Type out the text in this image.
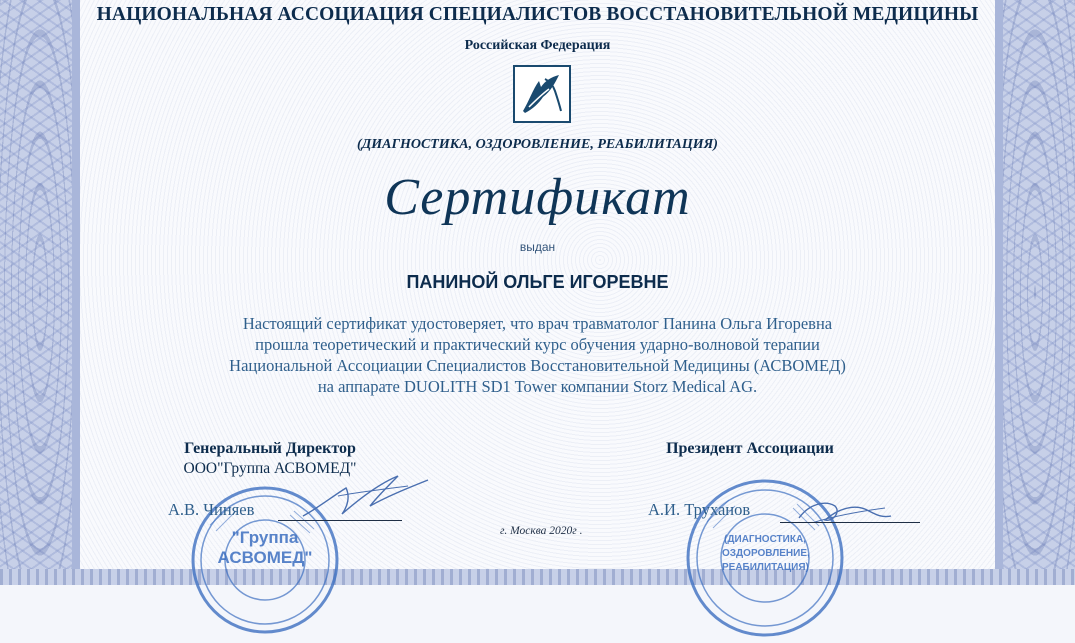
НАЦИОНАЛЬНАЯ АССОЦИАЦИЯ СПЕЦИАЛИСТОВ ВОССТАНОВИТЕЛЬНОЙ МЕДИЦИНЫ
Российская Федерация
(ДИАГНОСТИКА, ОЗДОРОВЛЕНИЕ, РЕАБИЛИТАЦИЯ)
Сертификат
выдан
ПАНИНОЙ ОЛЬГЕ ИГОРЕВНЕ
Настоящий сертификат удостоверяет, что врач травматолог Панина Ольга Игоревна
прошла теоретический и практический курс обучения ударно-волновой терапии
Национальной Ассоциации Специалистов Восстановительной Медицины (АСВОМЕД)
на аппарате DUOLITH SD1 Tower компании Storz Medical AG.
Генеральный Директор
ООО"Группа АСВОМЕД"
Президент Ассоциации
"Группа АСВОМЕД"
(ДИАГНОСТИКА, ОЗДОРОВЛЕНИЕ, РЕАБИЛИТАЦИЯ)
А.В. Чиняев	А.И. Труханов
г. Москва 2020г .
